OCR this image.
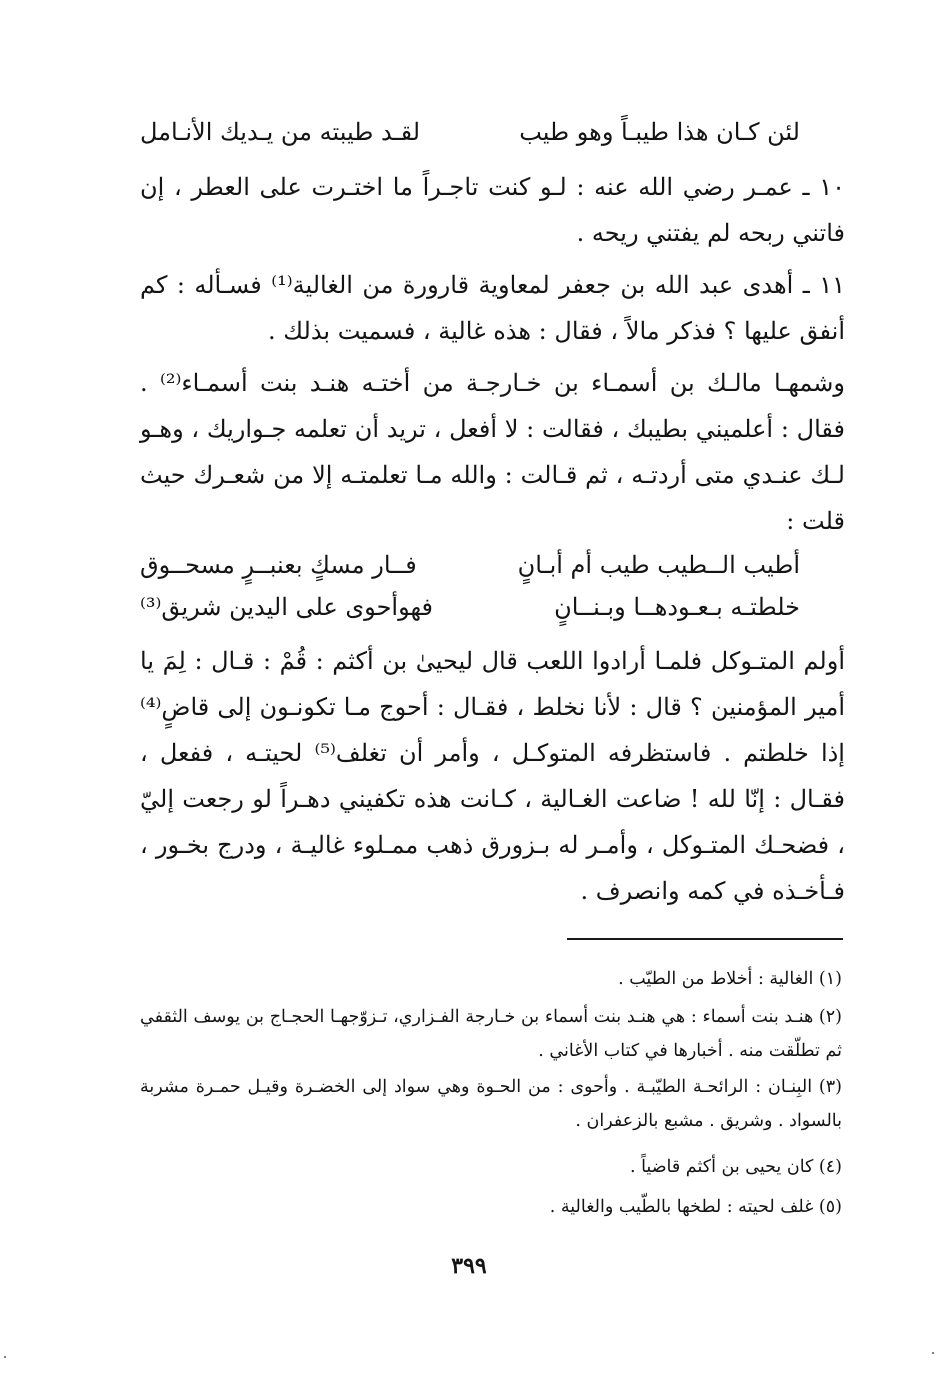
لئن كـان هذا طيبـاً وهو طيب
لقـد طيبته من يـديك الأنـامل

١٠ ـ عمـر رضي الله عنه : لـو كنت تاجـراً ما اختـرت على العطر ، إن فاتني ربحه لم يفتني ريحه .

١١ ـ أهدى عبد الله بن جعفر لمعاوية قارورة من الغالية⁽¹⁾ فسـأله : كم أنفق عليها ؟ فذكر مالاً ، فقال : هذه غالية ، فسميت بذلك .

وشمهـا مالـك بن أسمـاء بن خـارجـة من أختـه هنـد بنت أسمـاء⁽²⁾ . فقال : أعلميني بطيبك ، فقالت : لا أفعل ، تريد أن تعلمه جـواريك ، وهـو لـك عنـدي متى أردتـه ، ثم قـالت : والله مـا تعلمتـه إلا من شعـرك حيث قلت :

أطيب الــطيب طيب أم أبـانٍ
فــار مسكٍ بعنبــرٍ مسحــوق
خلطتـه بـعـودهــا وبـنــانٍ
فهوأحوى على اليدين شريق⁽³⁾

أولم المتـوكل فلمـا أرادوا اللعب قال ليحيىٰ بن أكثم : قُمْ : قـال : لِمَ يا أمير المؤمنين ؟ قال : لأنا نخلط ، فقـال : أحوج مـا تكونـون إلى قاضٍ⁽⁴⁾ إذا خلطتم . فاستظرفه المتوكـل ، وأمر أن تغلف⁽⁵⁾ لحيتـه ، ففعل ، فقـال : إنّا لله ! ضاعت الغـالية ، كـانت هذه تكفيني دهـراً لو رجعت إليّ ، فضحـك المتـوكل ، وأمـر له بـزورق ذهب ممـلوء غاليـة ، ودرج بخـور ، فـأخـذه في كمه وانصرف .

(١) الغالية : أخلاط من الطيّب .

(٢) هنـد بنت أسماء : هي هنـد بنت أسماء بن خـارجة الفـزاري، تـزوّجهـا الحجـاج بن يوسف الثقفي ثم تطلّقت منه . أخبارها في كتاب الأغاني .

(٣) البِنـان : الرائحـة الطيّبـة . وأحوى : من الحـوة وهي سواد إلى الخضـرة وقيـل حمـرة مشربة بالسواد . وشريق . مشبع بالزعفران .

(٤) كان يحيى بن أكثم قاضياً .

(٥) غلف لحيته : لطخها بالطّيب والغالية .

٣٩٩
